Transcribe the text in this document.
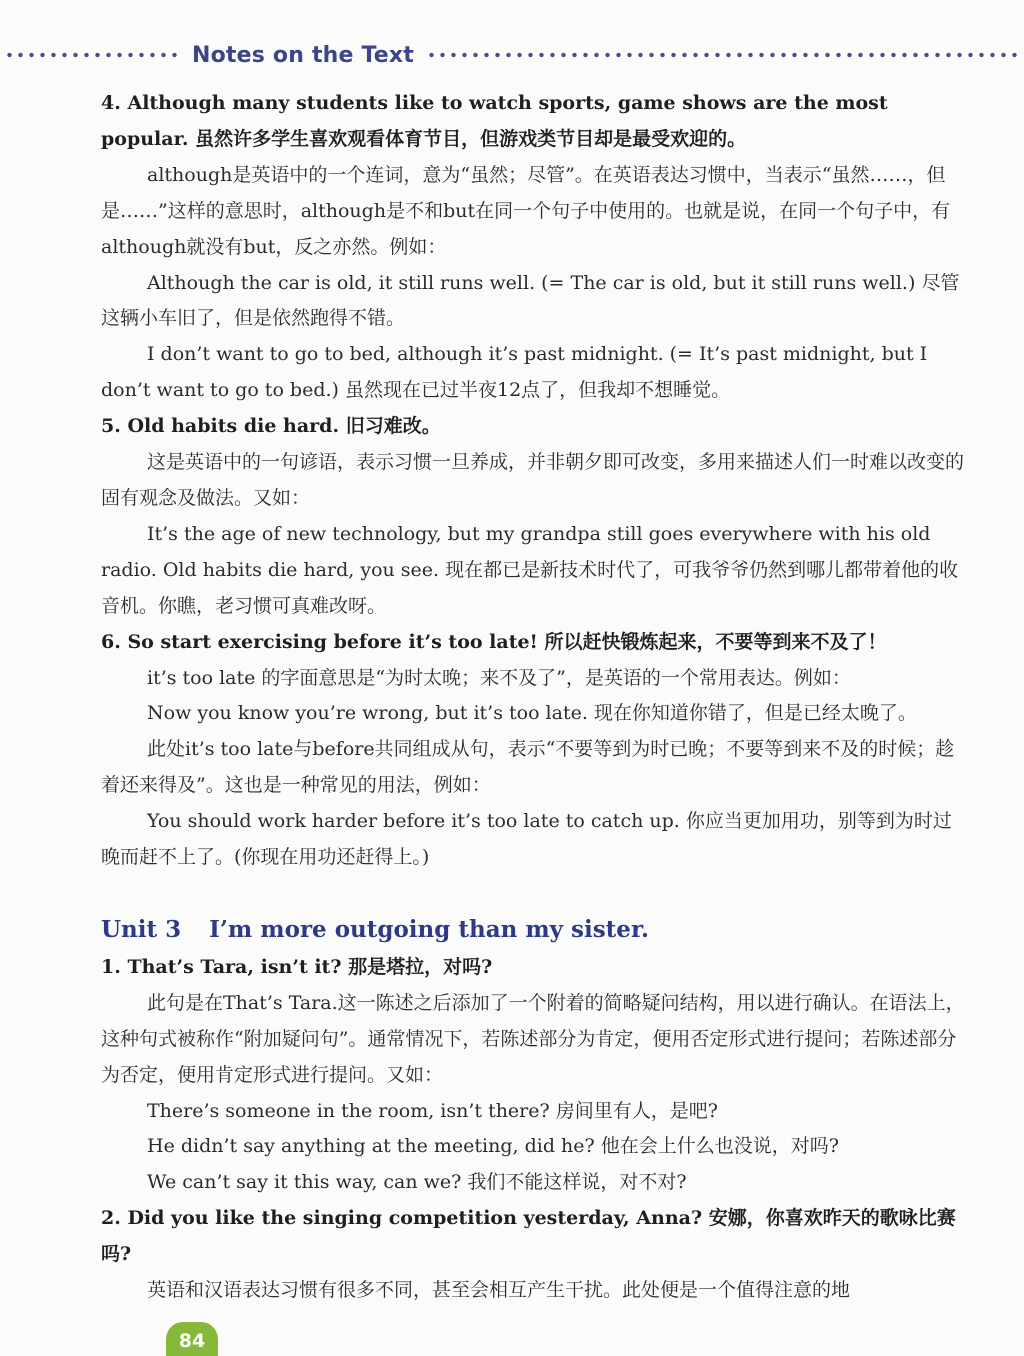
Notes on the Text

4. Although many students like to watch sports, game shows are the most popular. 虽然许多学生喜欢观看体育节目，但游戏类节目却是最受欢迎的。

although是英语中的一个连词，意为“虽然；尽管”。在英语表达习惯中，当表示“虽然……，但是……”这样的意思时，although是不和but在同一个句子中使用的。也就是说，在同一个句子中，有although就没有but，反之亦然。例如：

Although the car is old, it still runs well. (= The car is old, but it still runs well.) 尽管这辆小车旧了，但是依然跑得不错。

I don’t want to go to bed, although it’s past midnight. (= It’s past midnight, but I don’t want to go to bed.) 虽然现在已过半夜12点了，但我却不想睡觉。

5. Old habits die hard. 旧习难改。

这是英语中的一句谚语，表示习惯一旦养成，并非朝夕即可改变，多用来描述人们一时难以改变的固有观念及做法。又如：

It’s the age of new technology, but my grandpa still goes everywhere with his old radio. Old habits die hard, you see. 现在都已是新技术时代了，可我爷爷仍然到哪儿都带着他的收音机。你瞧，老习惯可真难改呀。

6. So start exercising before it’s too late! 所以赶快锻炼起来，不要等到来不及了！

it’s too late 的字面意思是“为时太晚；来不及了”，是英语的一个常用表达。例如：

Now you know you’re wrong, but it’s too late. 现在你知道你错了，但是已经太晚了。

此处it’s too late与before共同组成从句，表示“不要等到为时已晚；不要等到来不及的时候；趁着还来得及”。这也是一种常见的用法，例如：

You should work harder before it’s too late to catch up. 你应当更加用功，别等到为时过晚而赶不上了。(你现在用功还赶得上。)

Unit 3 I’m more outgoing than my sister.

1. That’s Tara, isn’t it? 那是塔拉，对吗?

此句是在That’s Tara.这一陈述之后添加了一个附着的简略疑问结构，用以进行确认。在语法上，这种句式被称作“附加疑问句”。通常情况下，若陈述部分为肯定，便用否定形式进行提问；若陈述部分为否定，便用肯定形式进行提问。又如：

There’s someone in the room, isn’t there? 房间里有人，是吧?

He didn’t say anything at the meeting, did he? 他在会上什么也没说，对吗?

We can’t say it this way, can we? 我们不能这样说，对不对?

2. Did you like the singing competition yesterday, Anna? 安娜，你喜欢昨天的歌咏比赛吗?

英语和汉语表达习惯有很多不同，甚至会相互产生干扰。此处便是一个值得注意的地

84
